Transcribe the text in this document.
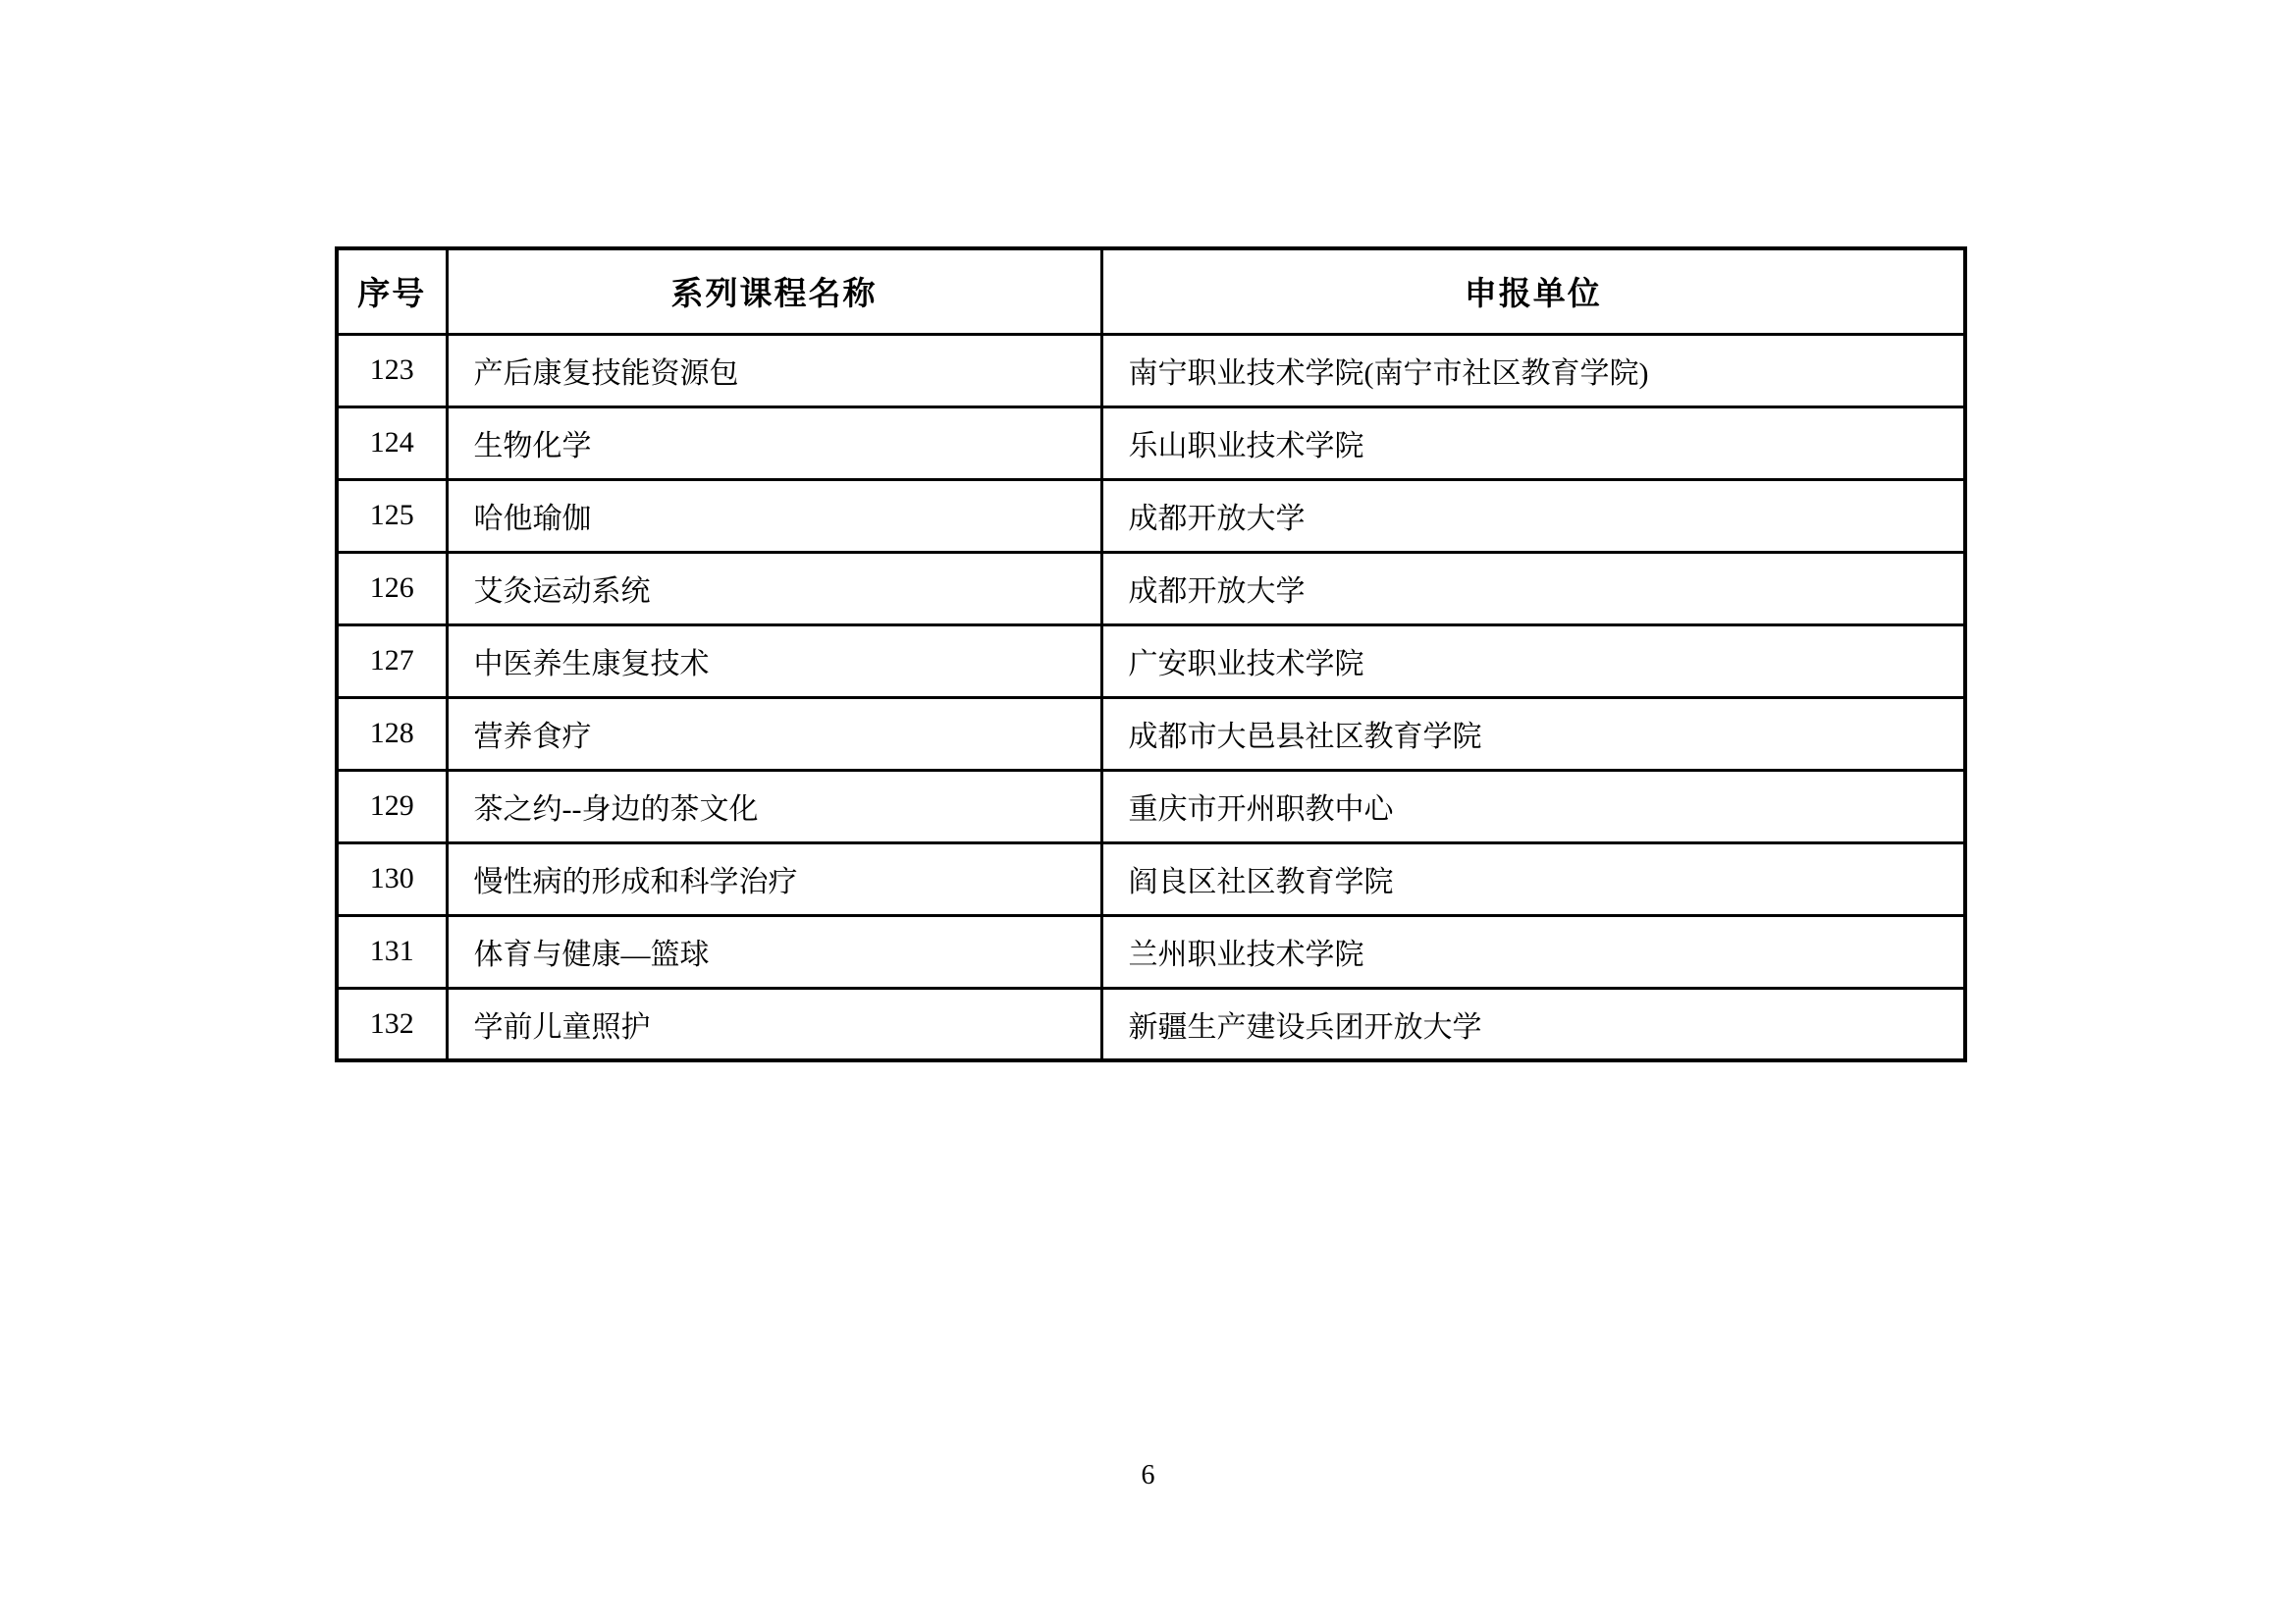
序号	系列课程名称	申报单位
123	产后康复技能资源包	南宁职业技术学院(南宁市社区教育学院)
124	生物化学	乐山职业技术学院
125	哈他瑜伽	成都开放大学
126	艾灸运动系统	成都开放大学
127	中医养生康复技术	广安职业技术学院
128	营养食疗	成都市大邑县社区教育学院
129	茶之约--身边的茶文化	重庆市开州职教中心
130	慢性病的形成和科学治疗	阎良区社区教育学院
131	体育与健康—篮球	兰州职业技术学院
132	学前儿童照护	新疆生产建设兵团开放大学
6
